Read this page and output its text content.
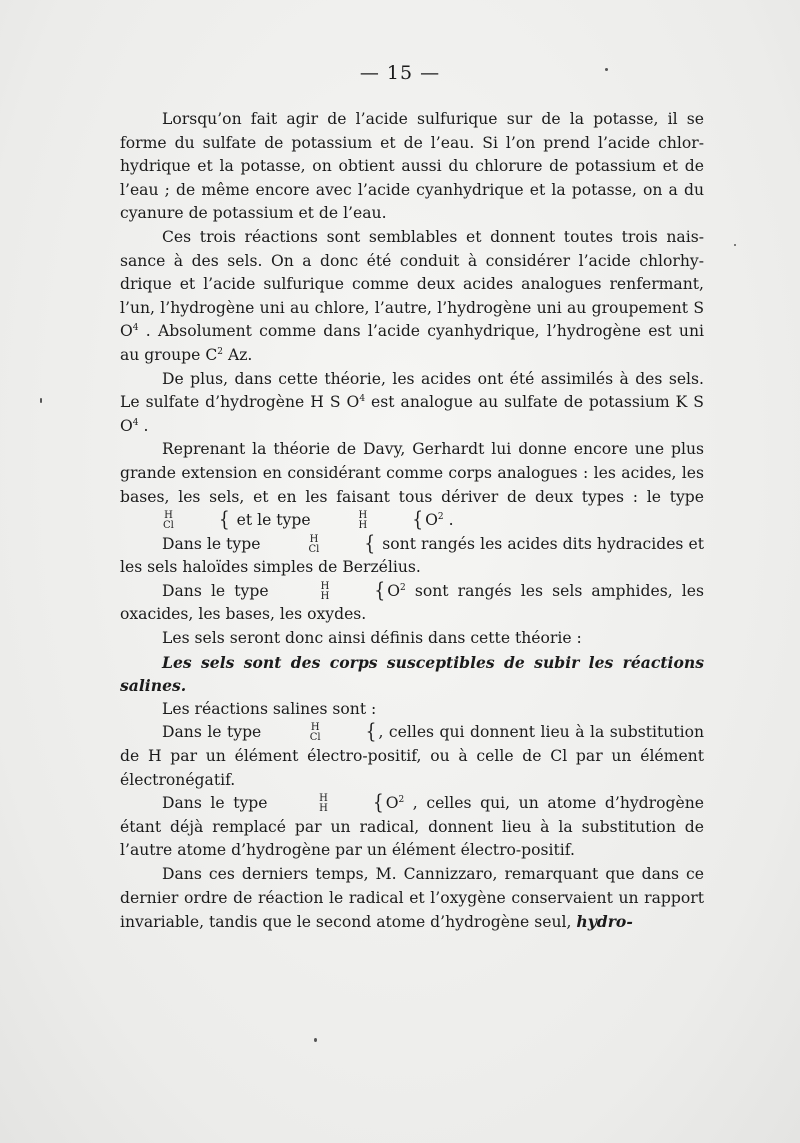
— 15 —

Lorsqu’on fait agir de l’acide sulfurique sur de la potasse, il se forme du sulfate de potassium et de l’eau. Si l’on prend l’acide chlorhydrique et la potasse, on obtient aussi du chlorure de potassium et de l’eau ; de même encore avec l’acide cyanhydrique et la potasse, on a du cyanure de potassium et de l’eau.

Ces trois réactions sont semblables et donnent toutes trois naissance à des sels. On a donc été conduit à considérer l’acide chlorhydrique et l’acide sulfurique comme deux acides analogues renfermant, l’un, l’hydrogène uni au chlore, l’autre, l’hydrogène uni au groupement S $O^4$ . Absolument comme dans l’acide cyanhydrique, l’hydrogène est uni au groupe $C^2$ Az.

De plus, dans cette théorie, les acides ont été assimilés à des sels. Le sulfate d’hydrogène H S $O^4$ est analogue au sulfate de potassium K S $O^4$ .

Reprenant la théorie de Davy, Gerhardt lui donne encore une plus grande extension en considérant comme corps analogues : les acides, les bases, les sels, et en les faisant tous dériver de deux types : le type
H
Cl	{ et le type	H
H	{ $O^2$ .

Dans le type	H
Cl	{ sont rangés les acides dits hydracides et les sels haloïdes simples de Berzélius.

Dans le type	H
H	{ $O^2$ sont rangés les sels amphides, les oxacides, les bases, les oxydes.

Les sels seront donc ainsi définis dans cette théorie :

Les sels sont des corps susceptibles de subir les réactions salines.

Les réactions salines sont :

Dans le type	H
Cl	{ , celles qui donnent lieu à la substitution de H par un élément électro-positif, ou à celle de Cl par un élément électronégatif.

Dans le type	H
H	{ $O^2$ , celles qui, un atome d’hydrogène étant déjà remplacé par un radical, donnent lieu à la substitution de l’autre atome d’hydrogène par un élément électro-positif.

Dans ces derniers temps, M. Cannizzaro, remarquant que dans ce dernier ordre de réaction le radical et l’oxygène conservaient un rapport invariable, tandis que le second atome d’hydrogène seul, hydro-
